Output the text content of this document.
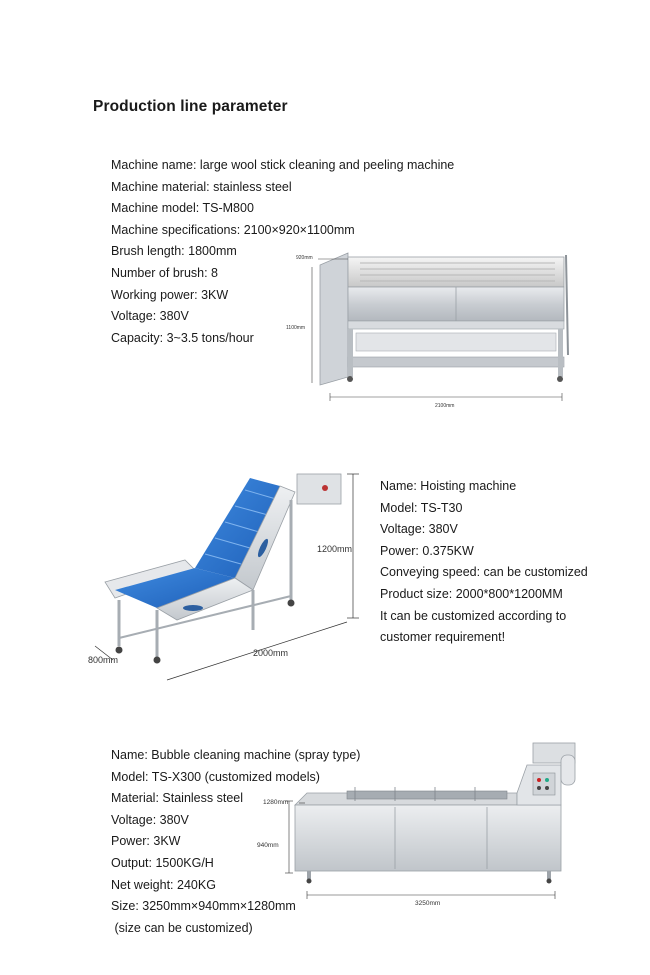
Production line parameter
Machine name: large wool stick cleaning and peeling machine
Machine material: stainless steel
Machine model: TS-M800
Machine specifications: 2100×920×1100mm
Brush length: 1800mm
Number of brush: 8
Working power: 3KW
Voltage: 380V
Capacity: 3~3.5 tons/hour
920mm
1100mm
2100mm
1200mm
800mm
2000mm
Name: Hoisting machine
Model: TS-T30
Voltage: 380V
Power: 0.375KW
Conveying speed: can be customized
Product size: 2000*800*1200MM
It can be customized according to
customer requirement!
Name: Bubble cleaning machine (spray type)
Model: TS-X300 (customized models)
Material: Stainless steel
Voltage: 380V
Power: 3KW
Output: 1500KG/H
Net weight: 240KG
Size: 3250mm×940mm×1280mm
(size can be customized)
1280mm
940mm
3250mm
